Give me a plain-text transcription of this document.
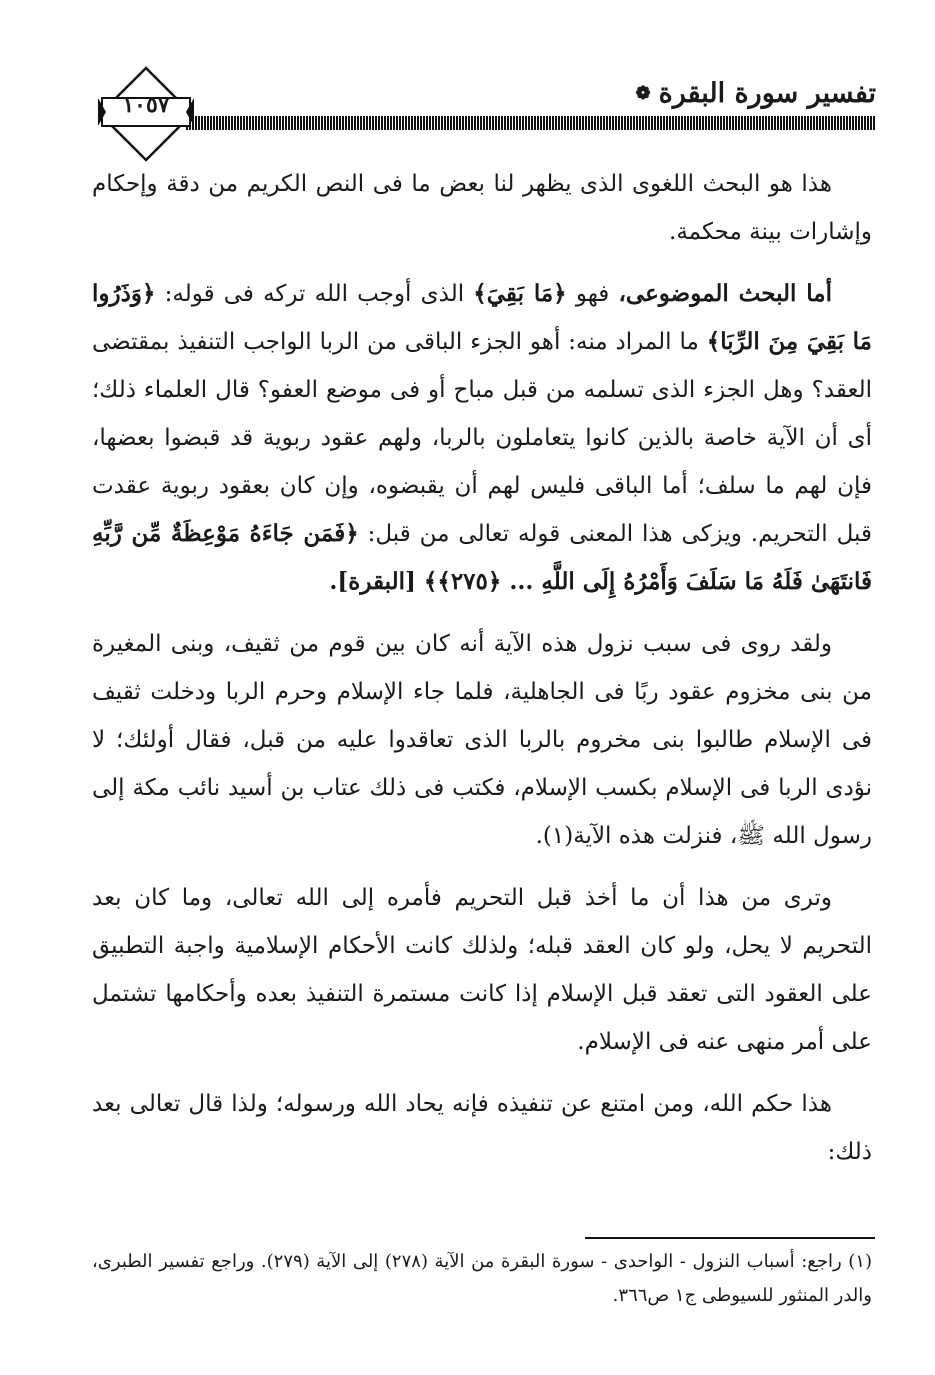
تفسير سورة البقرة
❁
١٠٥٧

هذا هو البحث اللغوى الذى يظهر لنا بعض ما فى النص الكريم من دقة وإحكام وإشارات بينة محكمة.

أما البحث الموضوعى، فهو ﴿مَا بَقِيَ﴾ الذى أوجب الله تركه فى قوله: ﴿وَذَرُوا مَا بَقِيَ مِنَ الرِّبَا﴾ ما المراد منه: أهو الجزء الباقى من الربا الواجب التنفيذ بمقتضى العقد؟ وهل الجزء الذى تسلمه من قبل مباح أو فى موضع العفو؟ قال العلماء ذلك؛ أى أن الآية خاصة بالذين كانوا يتعاملون بالربا، ولهم عقود ربوية قد قبضوا بعضها، فإن لهم ما سلف؛ أما الباقى فليس لهم أن يقبضوه، وإن كان بعقود ربوية عقدت قبل التحريم. ويزكى هذا المعنى قوله تعالى من قبل: ﴿فَمَن جَاءَهُ مَوْعِظَةٌ مِّن رَّبِّهِ فَانتَهَىٰ فَلَهُ مَا سَلَفَ وَأَمْرُهُ إِلَى اللَّهِ ... ﴿٢٧٥﴾﴾ [البقرة].

ولقد روى فى سبب نزول هذه الآية أنه كان بين قوم من ثقيف، وبنى المغيرة من بنى مخزوم عقود ربًا فى الجاهلية، فلما جاء الإسلام وحرم الربا ودخلت ثقيف فى الإسلام طالبوا بنى مخروم بالربا الذى تعاقدوا عليه من قبل، فقال أولئك؛ لا نؤدى الربا فى الإسلام بكسب الإسلام، فكتب فى ذلك عتاب بن أسيد نائب مكة إلى رسول الله ﷺ، فنزلت هذه الآية(١).

وترى من هذا أن ما أخذ قبل التحريم فأمره إلى الله تعالى، وما كان بعد التحريم لا يحل، ولو كان العقد قبله؛ ولذلك كانت الأحكام الإسلامية واجبة التطبيق على العقود التى تعقد قبل الإسلام إذا كانت مستمرة التنفيذ بعده وأحكامها تشتمل على أمر منهى عنه فى الإسلام.

هذا حكم الله، ومن امتنع عن تنفيذه فإنه يحاد الله ورسوله؛ ولذا قال تعالى بعد ذلك:

(١) راجع: أسباب النزول - الواحدى - سورة البقرة من الآية (٢٧٨) إلى الآية (٢٧٩). وراجع تفسير الطبرى، والدر المنثور للسيوطى ج١ ص٣٦٦.
